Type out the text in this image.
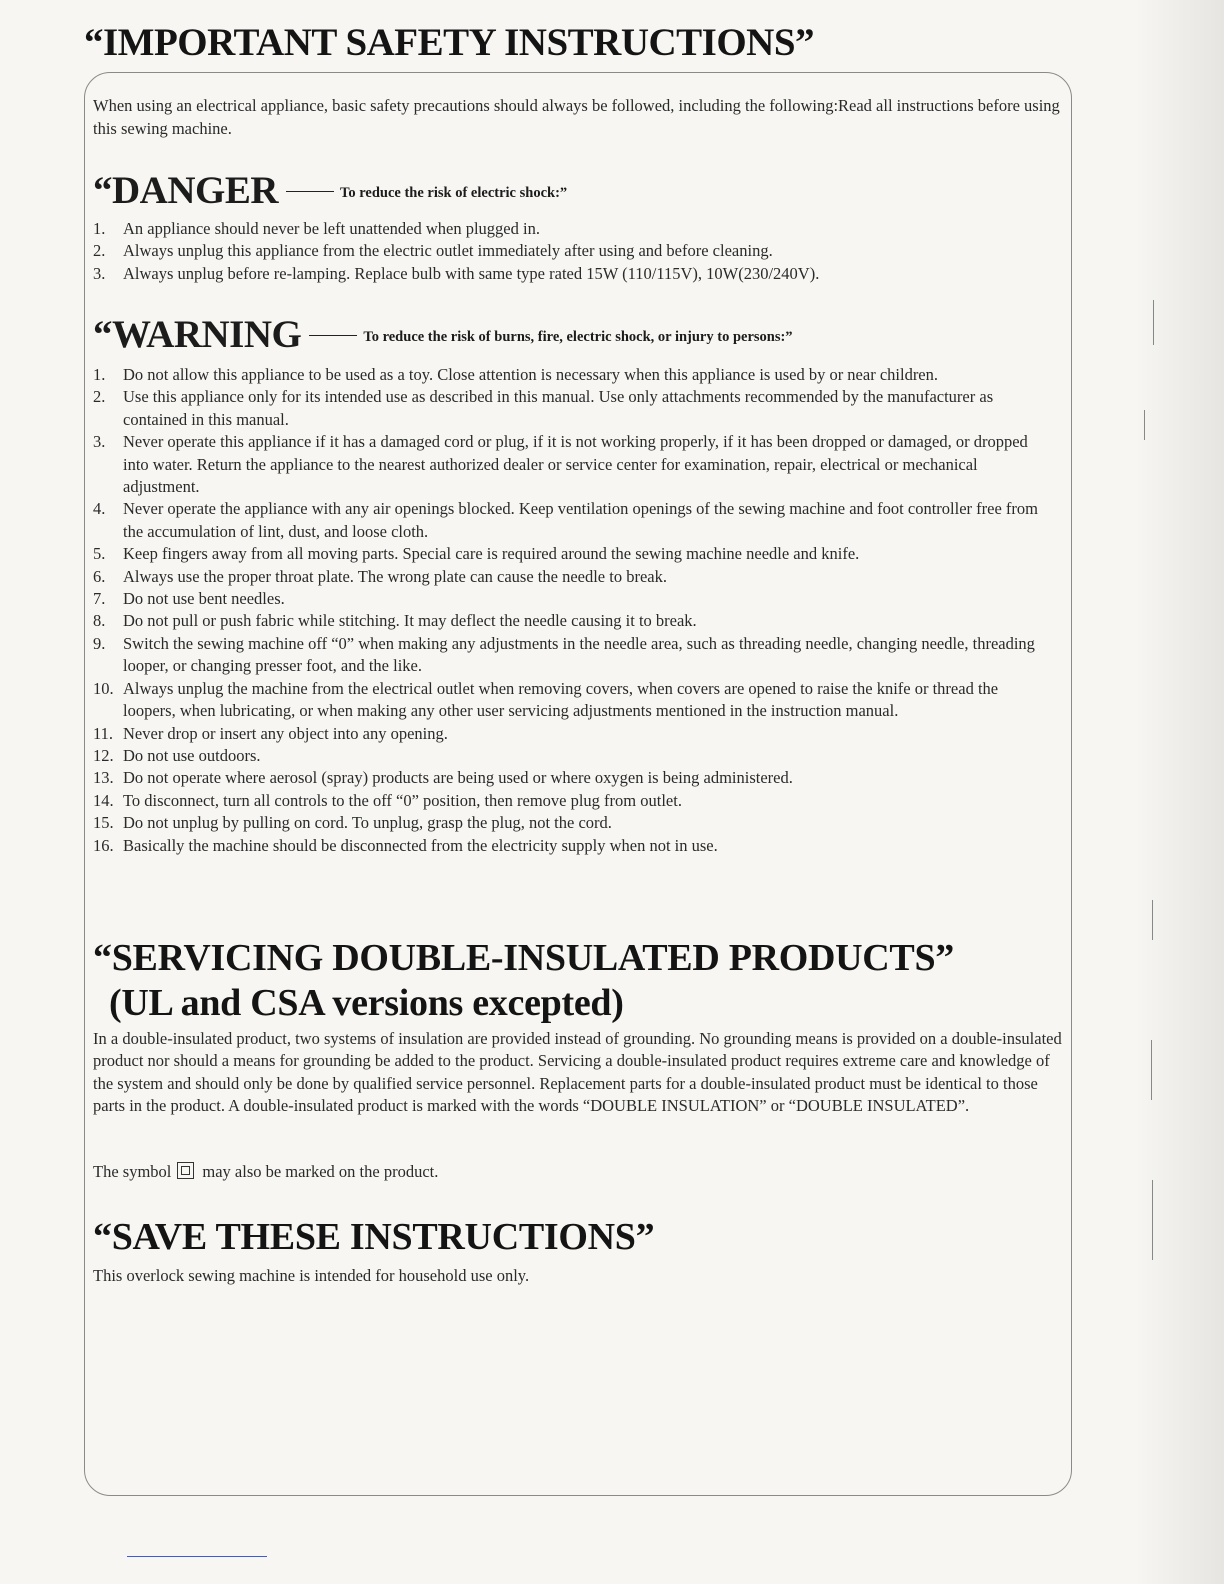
“IMPORTANT SAFETY INSTRUCTIONS”

When using an electrical appliance, basic safety precautions should always be followed, including the following:Read all instructions before using this sewing machine.

“DANGER	To reduce the risk of electric shock:”
1.	An appliance should never be left unattended when plugged in.
2.	Always unplug this appliance from the electric outlet immediately after using and before cleaning.
3.	Always unplug before re-lamping. Replace bulb with same type rated 15W (110/115V), 10W(230/240V).
“WARNING	To reduce the risk of burns, fire, electric shock, or injury to persons:”
1.	Do not allow this appliance to be used as a toy. Close attention is necessary when this appliance is used by or near children.
2.	Use this appliance only for its intended use as described in this manual. Use only attachments recommended by the manufacturer as contained in this manual.
3.	Never operate this appliance if it has a damaged cord or plug, if it is not working properly, if it has been dropped or damaged, or dropped into water. Return the appliance to the nearest authorized dealer or service center for examination, repair, electrical or mechanical adjustment.
4.	Never operate the appliance with any air openings blocked. Keep ventilation openings of the sewing machine and foot controller free from the accumulation of lint, dust, and loose cloth.
5.	Keep fingers away from all moving parts. Special care is required around the sewing machine needle and knife.
6.	Always use the proper throat plate. The wrong plate can cause the needle to break.
7.	Do not use bent needles.
8.	Do not pull or push fabric while stitching. It may deflect the needle causing it to break.
9.	Switch the sewing machine off “0” when making any adjustments in the needle area, such as threading needle, changing needle, threading looper, or changing presser foot, and the like.
10. Always unplug the machine from the electrical outlet when removing covers, when covers are opened to raise the knife or thread the loopers, when lubricating, or when making any other user servicing adjustments mentioned in the instruction manual.
11. Never drop or insert any object into any opening.
12. Do not use outdoors.
13. Do not operate where aerosol (spray) products are being used or where oxygen is being administered.
14. To disconnect, turn all controls to the off “0” position, then remove plug from outlet.
15. Do not unplug by pulling on cord. To unplug, grasp the plug, not the cord.
16. Basically the machine should be disconnected from the electricity supply when not in use.
“SERVICING DOUBLE-INSULATED PRODUCTS”
(UL and CSA versions excepted)

In a double-insulated product, two systems of insulation are provided instead of grounding. No grounding means is provided on a double-insulated product nor should a means for grounding be added to the product. Servicing a double-insulated product requires extreme care and knowledge of the system and should only be done by qualified service personnel. Replacement parts for a double-insulated product must be identical to those parts in the product. A double-insulated product is marked with the words “DOUBLE INSULATION” or “DOUBLE INSULATED”.

The symbol may also be marked on the product.

“SAVE THESE INSTRUCTIONS”

This overlock sewing machine is intended for household use only.
